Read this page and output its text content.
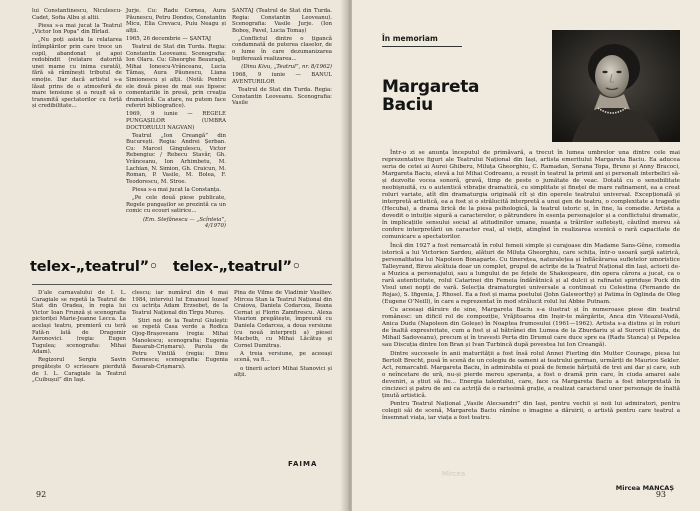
lui Constantinescu, Niculescu-Cadet, Sofia Albu și altii.

Piesa s-a mai jucat la Teatrul „Victor Ion Popa” din Bîrlad.

„Nu poți asista la relatarea întîmplărilor prin care trece un copil, abandonat și apoi redobîndit (relatare datorită unei mame cu inima curată), fără să rămînești tributul de emoție. Dar dacă artistul s-a lăsat prins de o atmosferă de mare tensiune și a reușit să o transmită spectatorilor cu forță și credibilitate...

Jurje. Cu: Radu Cornea, Aura Păunescu, Petru Dondos, Constantin Micu, Elia Crevacu, Puiu Neagu și alții.

1965, 26 decembrie — ȘANTAJ

Teatrul de Stat din Turda. Regia: Constantin Leoveanu. Scenografia: Ion Olaru. Cu: Gheorghe Beauragă, Mihai Ionescu-Vrânceanu, Lucia Tămaș, Aura Păunescu, Liana Simionescu și alții. (Notă: Pentru ele două piese de mai sus lipsesc comentariile în presă, prin creația dramatică. Ca atare, nu putem face referiri bibliografice).

1969, 9 iunie — REGELE PUNGAȘILOR (UMBRA DOCTORULUI NAGVAN)

Teatrul „Ion Creangă” din București. Regia: Andrei Șerban. Cu: Marcel Gingulescu, Victor Rebengiuc / Rebecu Stavăr, Gh. Vrânceanu, Ion Arhimbetu, M. Lachian, N. Simion, Gh. Craicun, M. Roman, P. Vasile, M. Bolea, F. Teodorescu, M. Stroe.

Piesa s-a mai jucat la Constanța.

„Pe cele două piese publicate, Regele pungașilor se prezintă ca un comic cu ecouri satirice...

(Em. Stefănescu — „Scînteia”, 4/1970)

ȘANTAJ (Teatrul de Stat din Turda. Regia: Constantin Leoveanu). Scenografia: Vasile Jurje. (Ion Boboș, Pavel, Lucia Tomaș)

„Conflictul dintre o țigancă condamnată de puterea claselor, de o lume în care dezumanizarea legiferează realizarea...

(Dinu Kivu, „Teatrul”, nr. 8/1962)

1968, 9 iunie — BANUL AVENTURILOR

Teatrul de Stat din Turda. Regia: Constantin Leoveanu. Scenografia: Vasile

telex-„teatrul”◦ telex-„teatrul”◦

D’ale carnavalului de I. L. Caragiale se repetă la Teatrul de Stat din Oradea, în regia lui Victor Ioan Frunză și scenografia pictoriței Marie-Jeanne Lecca. La același teatru, premieră cu teră Fată-n lată de Dragomir Aeronovici. (regia: Eugen Tugulea; scenografia: Mihai Adam).

Regizorul Sergiu Savin pregătește O scrisoare pierdută de I. L. Caragiale la Teatrul „Cuibușul” din Iași.

clescu; iar numărul din 4 mai 1984, interviul lui Emanuel Iozsef cu actrița Adam Erzsebet, de la Teatrul Național din Tîrgu Mureș.

Știri noi de la Teatrul Giulești: se repetă Casa verde a Rodica Ojog-Brașoveanu (regia: Mihai Manolescu; scenografia: Eugenia Basarab-Crișmaru). Parola de Petru Vintilă (regia: Dinu Cernescu; scenografia: Eugenia Basarab-Crișmaru).

Pina de Vilme de Vladimir Vasiliev. Mircea Stan la Teatrul Național din Craiova, Daniela Codarcea, Ileana Cernat și Florin Zamfirescu. Alexa Visarion pregătește, împreună cu Daniela Codarcea, a doua versiune (cu nouă interpreți a) piesei Macbeth, cu Mihai Lăcătuș și Cornel Dumitraș.

A treia versiune, pe aceeași scenă, va fi...

o tinerii actori Mihai Stanovici și alții.

FAIMA
92
În memoriam
Margareta
Baciu

Într-o zi se anunța începutul de primăvară, a trecut în lumea umbrelor una dintre cele mai reprezentative figuri ale Teatrului Național din Iași, artista emeritului Margareta Baciu. Ea aducea seria de cetei ai Aurei Ghiberu, Miluța Gheorghiu, C. Ramadan, Sorana Topa, Bruno și Anny Bracoci, Margareta Baciu, elevă a lui Mihai Codreanu, a reușit în teatrul la primii ani și personali interbelici să-și dezvolte vocea sonoră, gravă, timp de peste o jumătate de veac. Dotată cu o sensibilitate neobișnuită, cu o autentică vibrație dramatică, cu simplitate și fineței de mare rafinament, ea a creat roluri variate, atît din dramaturgia originală cît și din operele teatrului universal. Excepțională și interpretă artistică, ea a fost și o strălucită interpretă a unui gen de teatru, o complexitate a tragedie (Hecuba), a drama lirică de la piesa psihologică, la teatrul istoric și, în fine, la comedie. Artista a dovedit o intuiție sigură a caracterelor, o pătrundere în esența personajelor și a conflictului dramatic, în implicațiile sensului social al atitudinilor umane, nuanța a trăirilor sufletești, căutînd mereu să confere interpretării un caracter real, al vieții, atingînd în realizarea scenică o rară capacitate de comunicare a spectatorilor.

Încă din 1927 a fost remarcată în rolul femeii simple și curajoase din Madame Sans-Gêne, comedia istorică a lui Victorien Sardou, alături de Miluța Gheorghiu, care schița, într-o usoară șarjă satirică, personalitatea lui Napoleon Bonaparte. Cu tinerețea, naturalețea și înflăcărarea sufletelor umoristice Talleyrand, Birou alcătuia doar un complet, grupul de actrițe de la Teatrul Național din Iași, actorii de-a Muzica a personajului, sau a lungului de pe fețele de Shakespeare, din opera cărora a jucat, ca o rară autenticitate, rolul Catarinei din Femeia îndărătnică și al dulcii și rafinatei spiridușe Puck din Visul unei nopți de vară. Selecția dramaturgiei universale a continuat cu Celestina (Fernando de Rojas), S. Ifigenia, J. Rhosel. Ea a fost și mama poetului (John Galsworthy) și Patima în Oglinda de Oleg (Eugene O’Neill), în care a reprezentat în mod strălucit rolul lui Abbie Putnam.

Cu aceeași dăruire de sine, Margareta Baciu s-a ilustrat și în numeroase piese din teatrul românesc: un dificil rol de compoziție, Vrăjitoarea din Inșir-te mărgărite, Anca din Viteazul-Vodă, Anica Dudu (Napoleon din Goleșe) în Noaptea frumosului (1961—1962). Artista s-a distins și în roluri de înaltă expresivitate, cum a fost și al bătrânei din Lumea de la Zburdariu și al Surorii (Căluța, de Mihail Sadoveanu), precum și în travesti Perta din Drumul care duce spre ea (Radu Stanca) și Pepelea sau Discuția dintre Ion Bran și Ivan Turbincă după povestea lui Ion Creangă).

Dintre succesele în anii maturității a fost însă rolul Annei Fierling din Mutter Courage, piesa lui Bertolt Brecht, pusă în scenă de un colegiu de oameni ai teatrului german, urmăriți de Maurice Sekler. Act, remarcabil. Margareta Baciu, în admirabila ei poză de femeie hărțuită de trei ani dar și care, sub o neîncetare de ură, nu-și pierde mereu speranța, a fost o dramă prin care, în ciuda amarei sale deveniri, a știut să fie... Energia talentului, care, face ca Margareta Baciu a fost interpretată în cincizeci și patru de ani ca actriță de o rarissimă grație, a realizat caracterul unor personaje de înaltă ținută artistică.

Pentru Teatrul Național „Vasile Alecsandri” din Iași, pentru vechii și noii lui admiratori, pentru colegii săi de scenă, Margareta Baciu rămîne o imagine a dăruirii, o artistă pentru care teatrul a însemnat viața, iar viața a fost teatru.

Mircea
Mircea MANCAȘ
93
